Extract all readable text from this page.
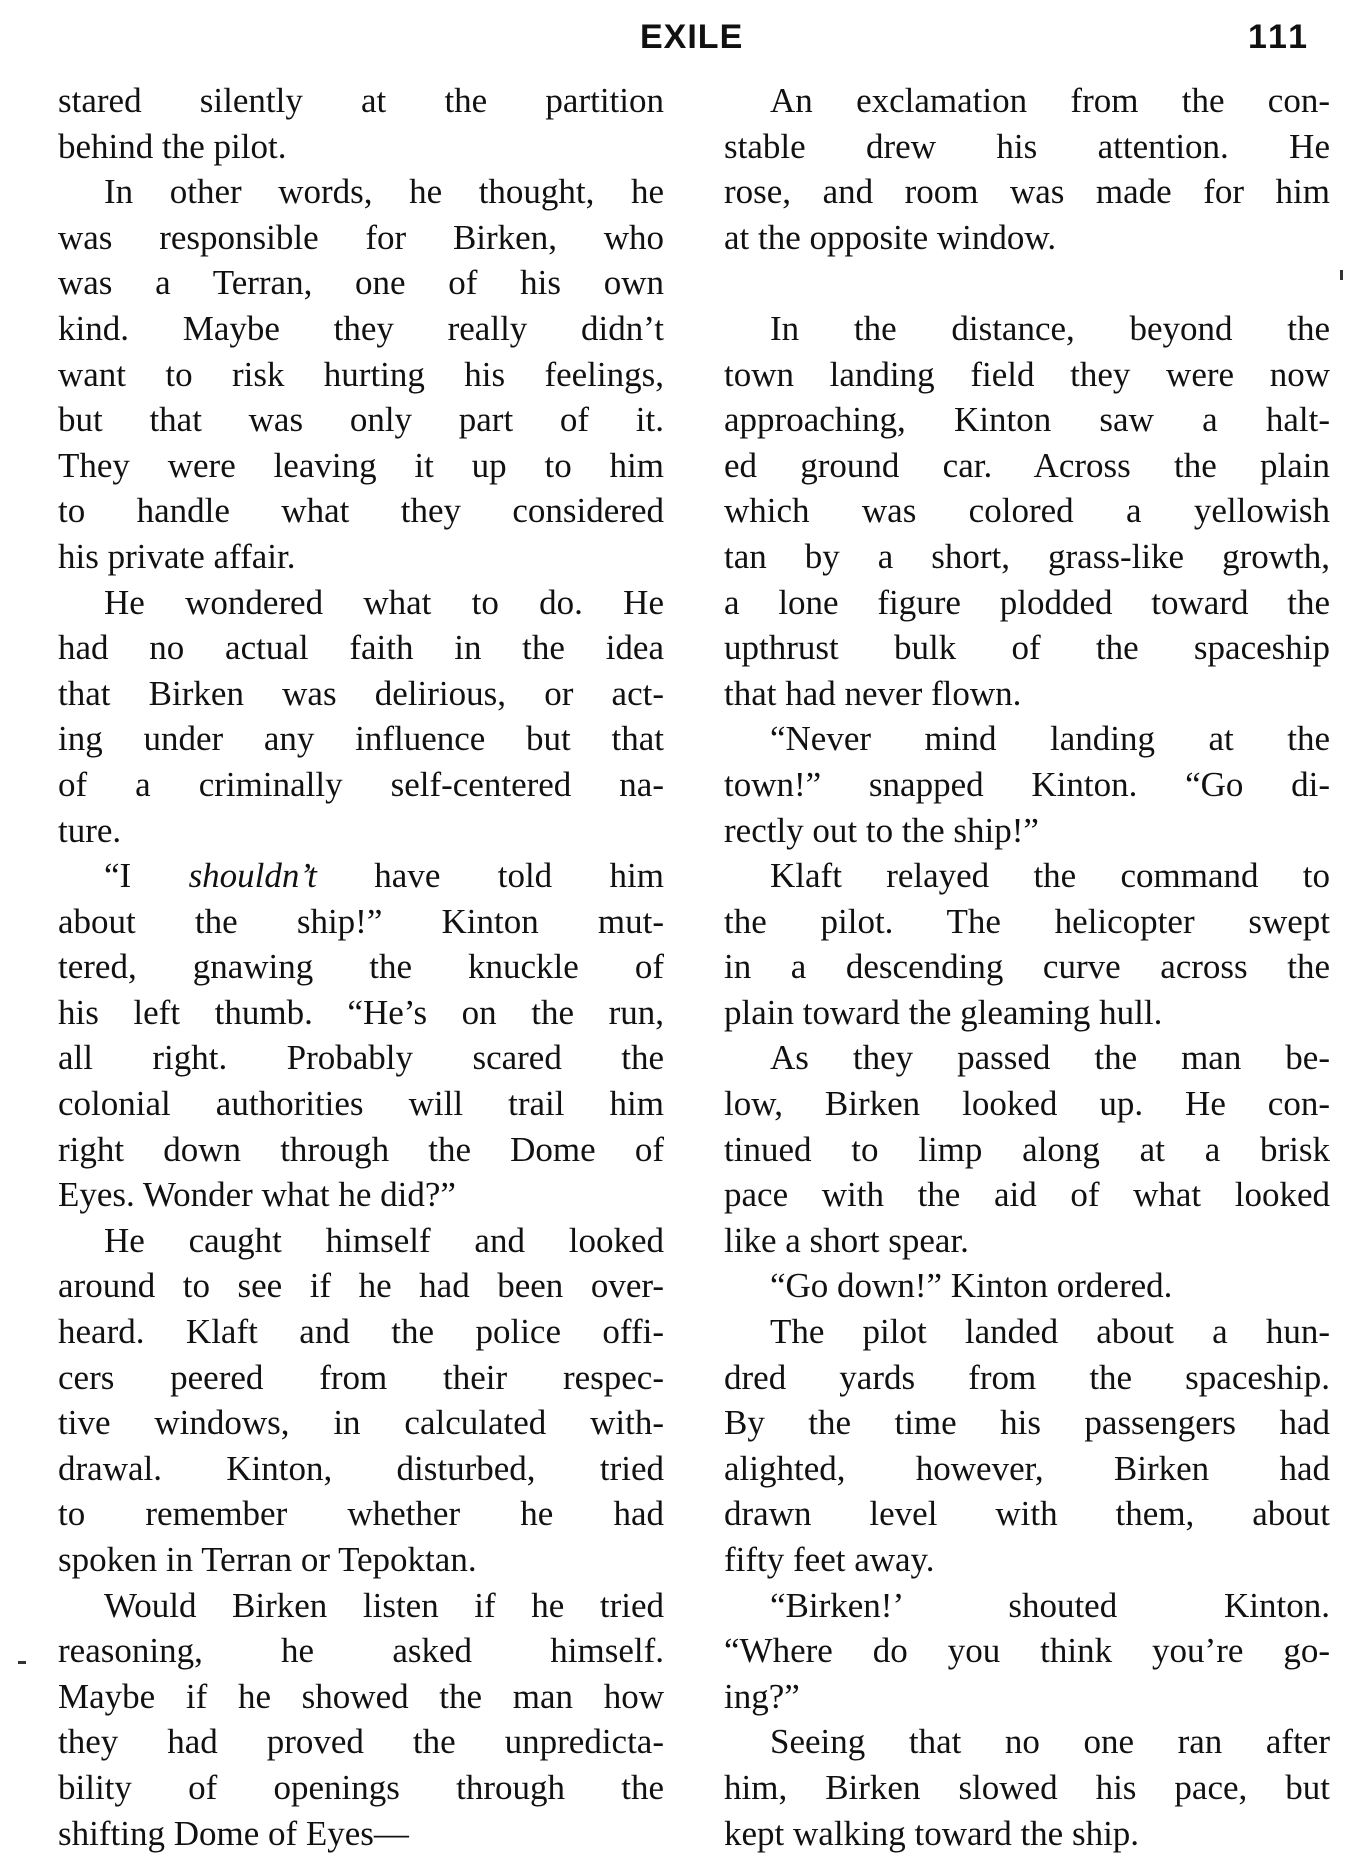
EXILE	111
stared silently at the partition
behind the pilot.
In other words, he thought, he
was responsible for Birken, who
was a Terran, one of his own
kind. Maybe they really didn’t
want to risk hurting his feelings,
but that was only part of it.
They were leaving it up to him
to handle what they considered
his private affair.
He wondered what to do. He
had no actual faith in the idea
that Birken was delirious, or act-
ing under any influence but that
of a criminally self-centered na-
ture.
“I shouldn’t have told him
about the ship!” Kinton mut-
tered, gnawing the knuckle of
his left thumb. “He’s on the run,
all right. Probably scared the
colonial authorities will trail him
right down through the Dome of
Eyes. Wonder what he did?”
He caught himself and looked
around to see if he had been over-
heard. Klaft and the police offi-
cers peered from their respec-
tive windows, in calculated with-
drawal. Kinton, disturbed, tried
to remember whether he had
spoken in Terran or Tepoktan.
Would Birken listen if he tried
reasoning, he asked himself.
Maybe if he showed the man how
they had proved the unpredicta-
bility of openings through the
shifting Dome of Eyes—
An exclamation from the con-
stable drew his attention. He
rose, and room was made for him
at the opposite window.
In the distance, beyond the
town landing field they were now
approaching, Kinton saw a halt-
ed ground car. Across the plain
which was colored a yellowish
tan by a short, grass-like growth,
a lone figure plodded toward the
upthrust bulk of the spaceship
that had never flown.
“Never mind landing at the
town!” snapped Kinton. “Go di-
rectly out to the ship!”
Klaft relayed the command to
the pilot. The helicopter swept
in a descending curve across the
plain toward the gleaming hull.
As they passed the man be-
low, Birken looked up. He con-
tinued to limp along at a brisk
pace with the aid of what looked
like a short spear.
“Go down!” Kinton ordered.
The pilot landed about a hun-
dred yards from the spaceship.
By the time his passengers had
alighted, however, Birken had
drawn level with them, about
fifty feet away.
“Birken!’ shouted Kinton.
“Where do you think you’re go-
ing?”
Seeing that no one ran after
him, Birken slowed his pace, but
kept walking toward the ship.
